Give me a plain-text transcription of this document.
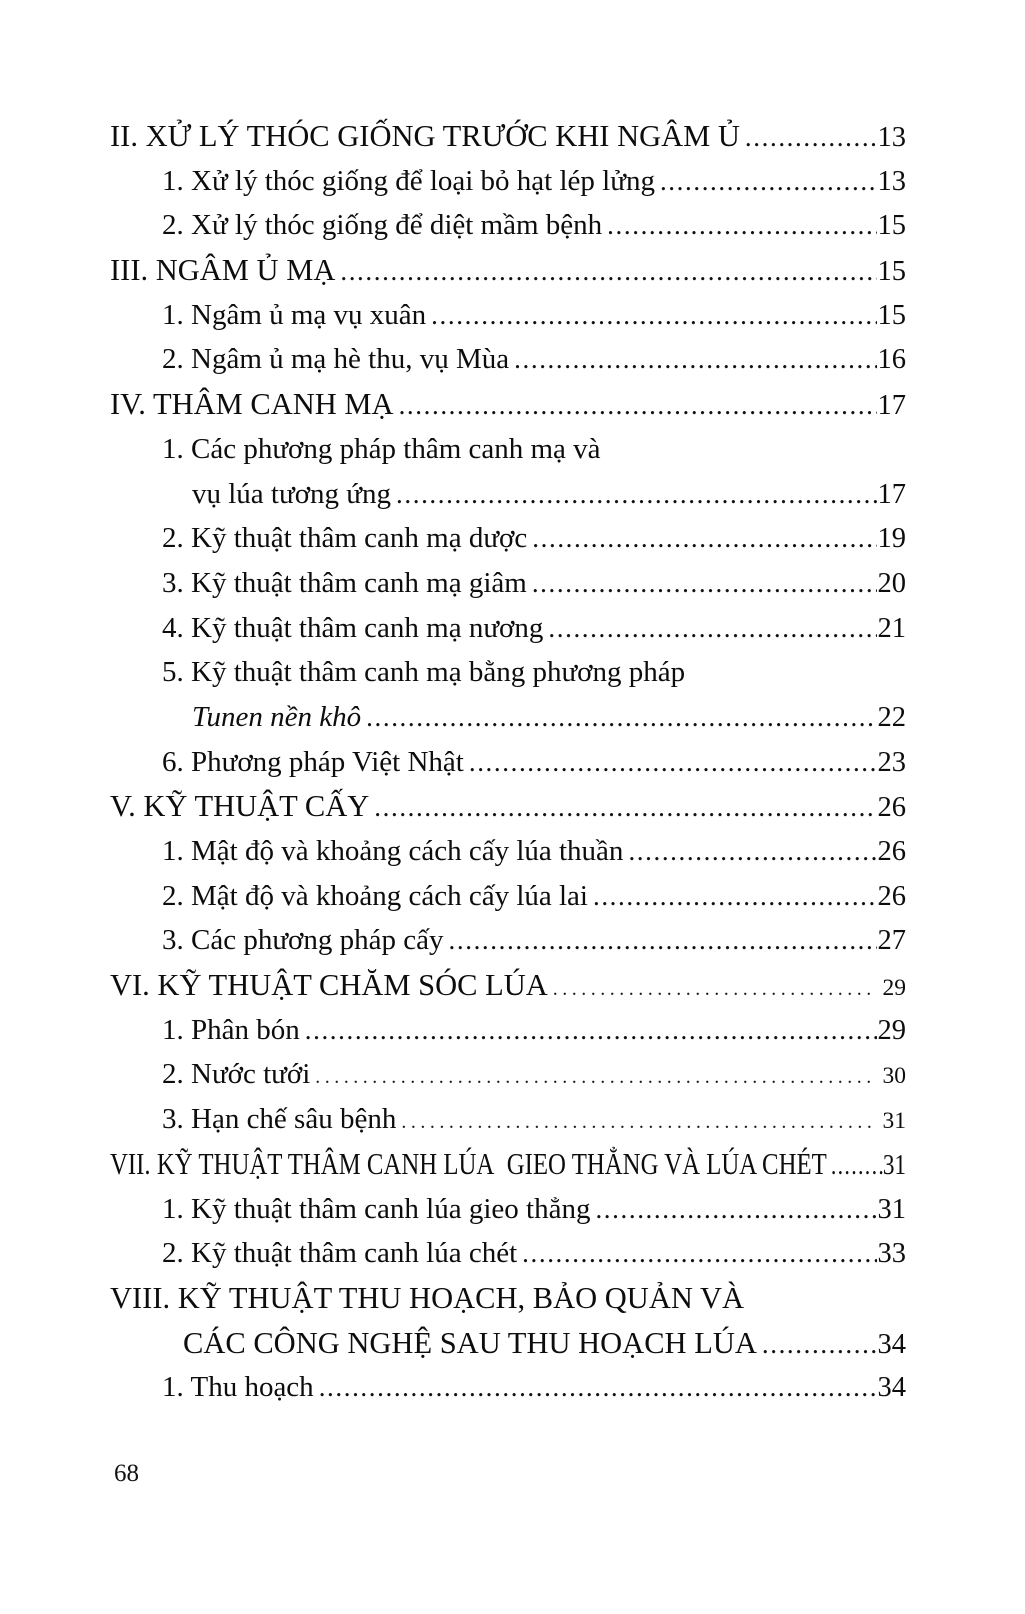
II. XỬ LÝ THÓC GIỐNG TRƯỚC KHI NGÂM Ủ .....	13
1. Xử lý thóc giống để loại bỏ hạt lép lửng .....	13
2. Xử lý thóc giống để diệt mầm bệnh .....	15
III. NGÂM Ủ MẠ .....	15
1. Ngâm ủ mạ vụ xuân .....	15
2. Ngâm ủ mạ hè thu, vụ Mùa .....	16
IV. THÂM CANH MẠ .....	17
1. Các phương pháp thâm canh mạ và
vụ lúa tương ứng .....	17
2. Kỹ thuật thâm canh mạ dược .....	19
3. Kỹ thuật thâm canh mạ giâm .....	20
4. Kỹ thuật thâm canh mạ nương .....	21
5. Kỹ thuật thâm canh mạ bằng phương pháp
Tunen nền khô .....	22
6. Phương pháp Việt Nhật .....	23
V. KỸ THUẬT CẤY .....	26
1. Mật độ và khoảng cách cấy lúa thuần .....	26
2. Mật độ và khoảng cách cấy lúa lai .....	26
3. Các phương pháp cấy .....	27
VI. KỸ THUẬT CHĂM SÓC LÚA .....	29
1. Phân bón .....	29
2. Nước tưới .....	30
3. Hạn chế sâu bệnh .....	31
VII. KỸ THUẬT THÂM CANH LÚA  GIEO THẲNG VÀ LÚA CHÉT ..... 31
1. Kỹ thuật thâm canh lúa gieo thẳng .....	31
2. Kỹ thuật thâm canh lúa chét .....	33
VIII. KỸ THUẬT THU HOẠCH, BẢO QUẢN VÀ
CÁC CÔNG NGHỆ SAU THU HOẠCH LÚA .....	34
1. Thu hoạch .....	34
68
